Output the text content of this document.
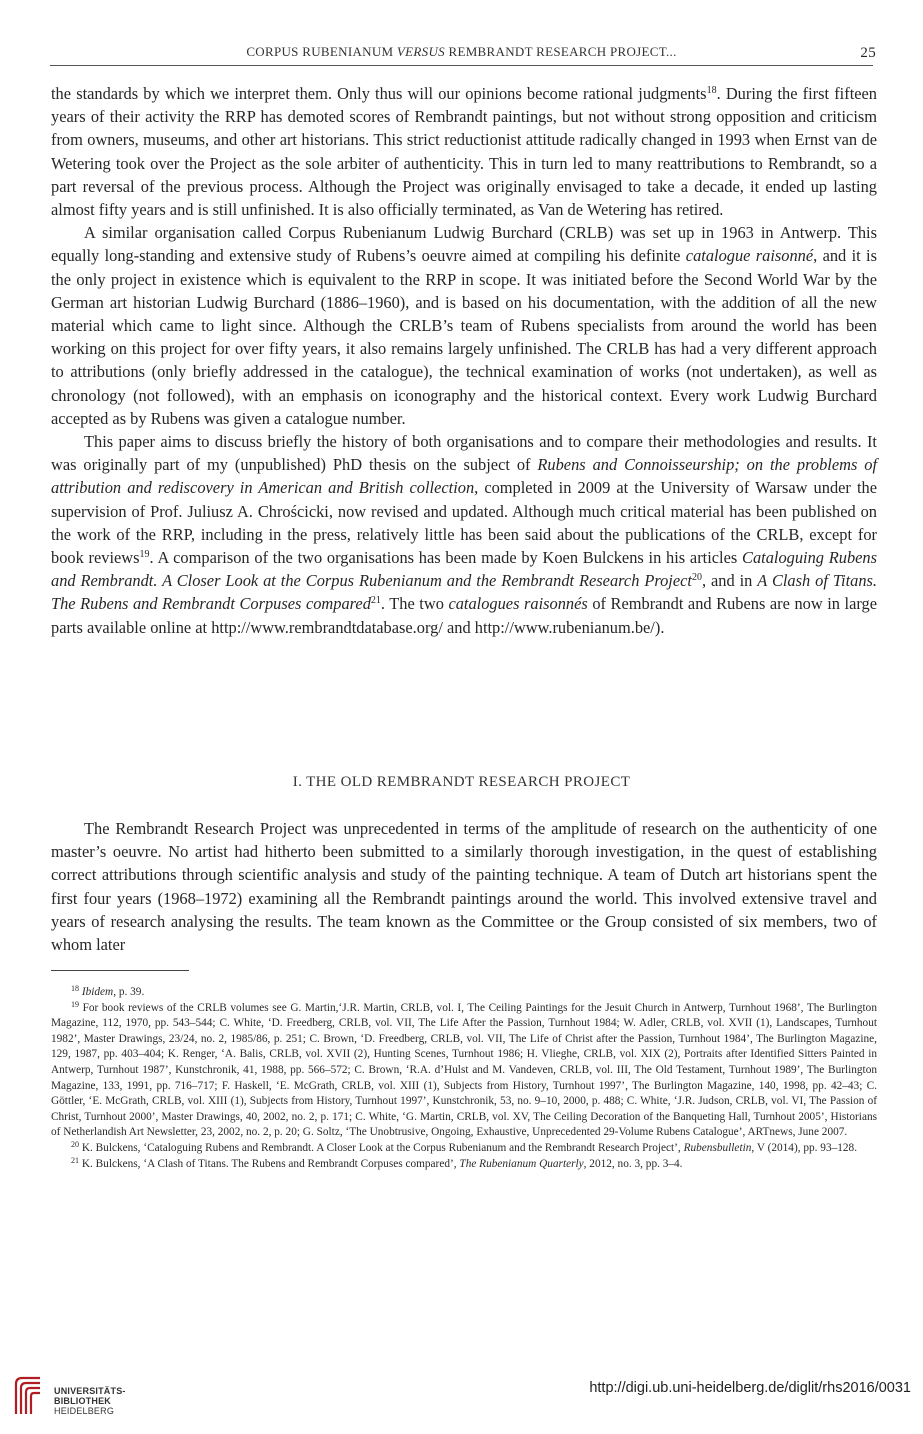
CORPUS RUBENIANUM VERSUS REMBRANDT RESEARCH PROJECT...	25

the standards by which we interpret them. Only thus will our opinions become rational judgments$^{18}$. During the first fifteen years of their activity the RRP has demoted scores of Rembrandt paintings, but not without strong opposition and criticism from owners, museums, and other art historians. This strict reductionist attitude radically changed in 1993 when Ernst van de Wetering took over the Project as the sole arbiter of authenticity. This in turn led to many reattributions to Rembrandt, so a part reversal of the previous process. Although the Project was originally envisaged to take a decade, it ended up lasting almost fifty years and is still unfinished. It is also officially terminated, as Van de Wetering has retired.

A similar organisation called Corpus Rubenianum Ludwig Burchard (CRLB) was set up in 1963 in Antwerp. This equally long-standing and extensive study of Rubens’s oeuvre aimed at compiling his definite catalogue raisonné, and it is the only project in existence which is equivalent to the RRP in scope. It was initiated before the Second World War by the German art historian Ludwig Burchard (1886–1960), and is based on his documentation, with the addition of all the new material which came to light since. Although the CRLB’s team of Rubens specialists from around the world has been working on this project for over fifty years, it also remains largely unfinished. The CRLB has had a very different approach to attributions (only briefly addressed in the catalogue), the technical examination of works (not undertaken), as well as chronology (not followed), with an emphasis on iconography and the historical context. Every work Ludwig Burchard accepted as by Rubens was given a catalogue number.

This paper aims to discuss briefly the history of both organisations and to compare their methodologies and results. It was originally part of my (unpublished) PhD thesis on the subject of Rubens and Connoisseurship; on the problems of attribution and rediscovery in American and British collection, completed in 2009 at the University of Warsaw under the supervision of Prof. Juliusz A. Chrościcki, now revised and updated. Although much critical material has been published on the work of the RRP, including in the press, relatively little has been said about the publications of the CRLB, except for book reviews$^{19}$. A comparison of the two organisations has been made by Koen Bulckens in his articles Cataloguing Rubens and Rembrandt. A Closer Look at the Corpus Rubenianum and the Rembrandt Research Project$^{20}$, and in A Clash of Titans. The Rubens and Rembrandt Corpuses compared$^{21}$. The two catalogues raisonnés of Rembrandt and Rubens are now in large parts available online at http://www.rembrandtdatabase.org/ and http://www.rubenianum.be/).

I. THE OLD REMBRANDT RESEARCH PROJECT

The Rembrandt Research Project was unprecedented in terms of the amplitude of research on the authenticity of one master’s oeuvre. No artist had hitherto been submitted to a similarly thorough investigation, in the quest of establishing correct attributions through scientific analysis and study of the painting technique. A team of Dutch art historians spent the first four years (1968–1972) examining all the Rembrandt paintings around the world. This involved extensive travel and years of research analysing the results. The team known as the Committee or the Group consisted of six members, two of whom later

$^{18}$ Ibidem, p. 39.

$^{19}$ For book reviews of the CRLB volumes see G. Martin,‘J.R. Martin, CRLB, vol. I, The Ceiling Paintings for the Jesuit Church in Antwerp, Turnhout 1968’, The Burlington Magazine, 112, 1970, pp. 543–544; C. White, ‘D. Freedberg, CRLB, vol. VII, The Life After the Passion, Turnhout 1984; W. Adler, CRLB, vol. XVII (1), Landscapes, Turnhout 1982’, Master Drawings, 23/24, no. 2, 1985/86, p. 251; C. Brown, ‘D. Freedberg, CRLB, vol. VII, The Life of Christ after the Passion, Turnhout 1984’, The Burlington Magazine, 129, 1987, pp. 403–404; K. Renger, ‘A. Balis, CRLB, vol. XVII (2), Hunting Scenes, Turnhout 1986; H. Vlieghe, CRLB, vol. XIX (2), Portraits after Identified Sitters Painted in Antwerp, Turnhout 1987’, Kunstchronik, 41, 1988, pp. 566–572; C. Brown, ‘R.A. d’Hulst and M. Vandeven, CRLB, vol. III, The Old Testament, Turnhout 1989’, The Burlington Magazine, 133, 1991, pp. 716–717; F. Haskell, ‘E. McGrath, CRLB, vol. XIII (1), Subjects from History, Turnhout 1997’, The Burlington Magazine, 140, 1998, pp. 42–43; C. Göttler, ‘E. McGrath, CRLB, vol. XIII (1), Subjects from History, Turnhout 1997’, Kunstchronik, 53, no. 9–10, 2000, p. 488; C. White, ‘J.R. Judson, CRLB, vol. VI, The Passion of Christ, Turnhout 2000’, Master Drawings, 40, 2002, no. 2, p. 171; C. White, ‘G. Martin, CRLB, vol. XV, The Ceiling Decoration of the Banqueting Hall, Turnhout 2005’, Historians of Netherlandish Art Newsletter, 23, 2002, no. 2, p. 20; G. Soltz, ‘The Unobtrusive, Ongoing, Exhaustive, Unprecedented 29-Volume Rubens Catalogue’, ARTnews, June 2007.

$^{20}$ K. Bulckens, ‘Cataloguing Rubens and Rembrandt. A Closer Look at the Corpus Rubenianum and the Rembrandt Research Project’, Rubensbulletin, V (2014), pp. 93–128.

$^{21}$ K. Bulckens, ‘A Clash of Titans. The Rubens and Rembrandt Corpuses compared’, The Rubenianum Quarterly, 2012, no. 3, pp. 3–4.

UNIVERSITÄTS-
BIBLIOTHEK
HEIDELBERG
http://digi.ub.uni-heidelberg.de/diglit/rhs2016/0031
